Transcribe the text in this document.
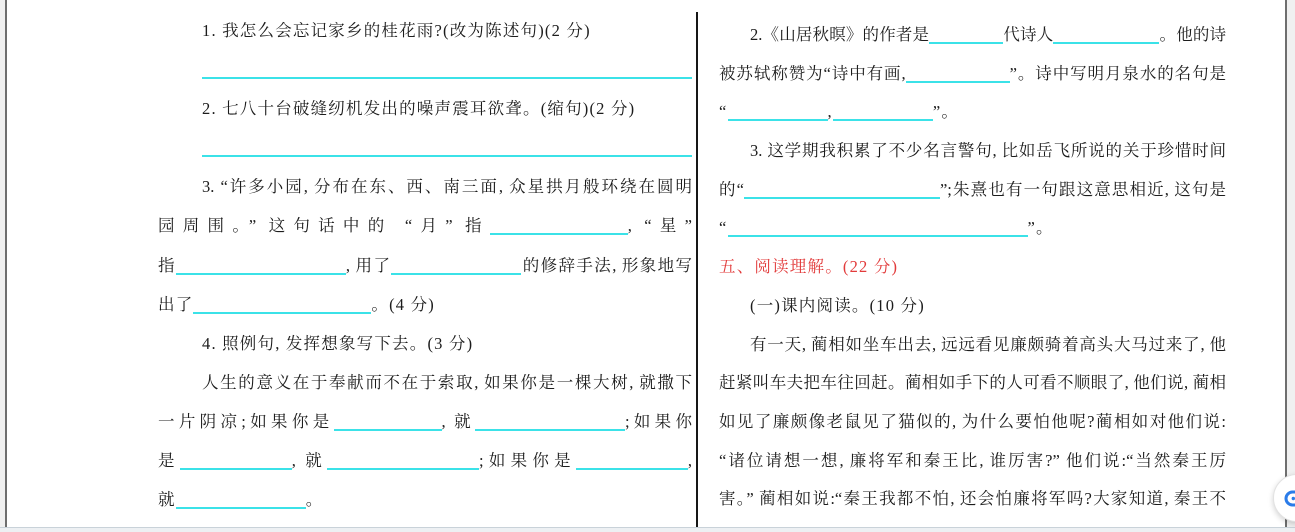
1. 我怎么会忘记家乡的桂花雨?(改为陈述句)(2 分)
2. 七八十台破缝纫机发出的噪声震耳欲聋。(缩句)(2 分)
3. “许多小园, 分布在东、西、南三面, 众星拱月般环绕在圆明
园周围。” 这句话中的 “月” 指	, “星”
指	, 用了	的修辞手法, 形象地写
出了	。(4 分)
4. 照例句, 发挥想象写下去。(3 分)
人生的意义在于奉献而不在于索取, 如果你是一棵大树, 就撒下
一片阴凉;如果你是	, 就	;如果你
是	, 就	;如果你是	,
就	。
2.《山居秋暝》的作者是	代诗人	。他的诗
被苏轼称赞为“诗中有画,	”。诗中写明月泉水的名句是
“	,	”。
3. 这学期我积累了不少名言警句, 比如岳飞所说的关于珍惜时间
的“	”;朱熹也有一句跟这意思相近, 这句是
“	”。
五、阅读理解。(22 分)
(一)课内阅读。(10 分)
有一天, 蔺相如坐车出去, 远远看见廉颇骑着高头大马过来了, 他
赶紧叫车夫把车往回赶。蔺相如手下的人可看不顺眼了, 他们说, 蔺相
如见了廉颇像老鼠见了猫似的, 为什么要怕他呢?蔺相如对他们说:
“诸位请想一想, 廉将军和秦王比, 谁厉害?” 他们说:“当然秦王厉
害。” 蔺相如说:“秦王我都不怕, 还会怕廉将军吗?大家知道, 秦王不
